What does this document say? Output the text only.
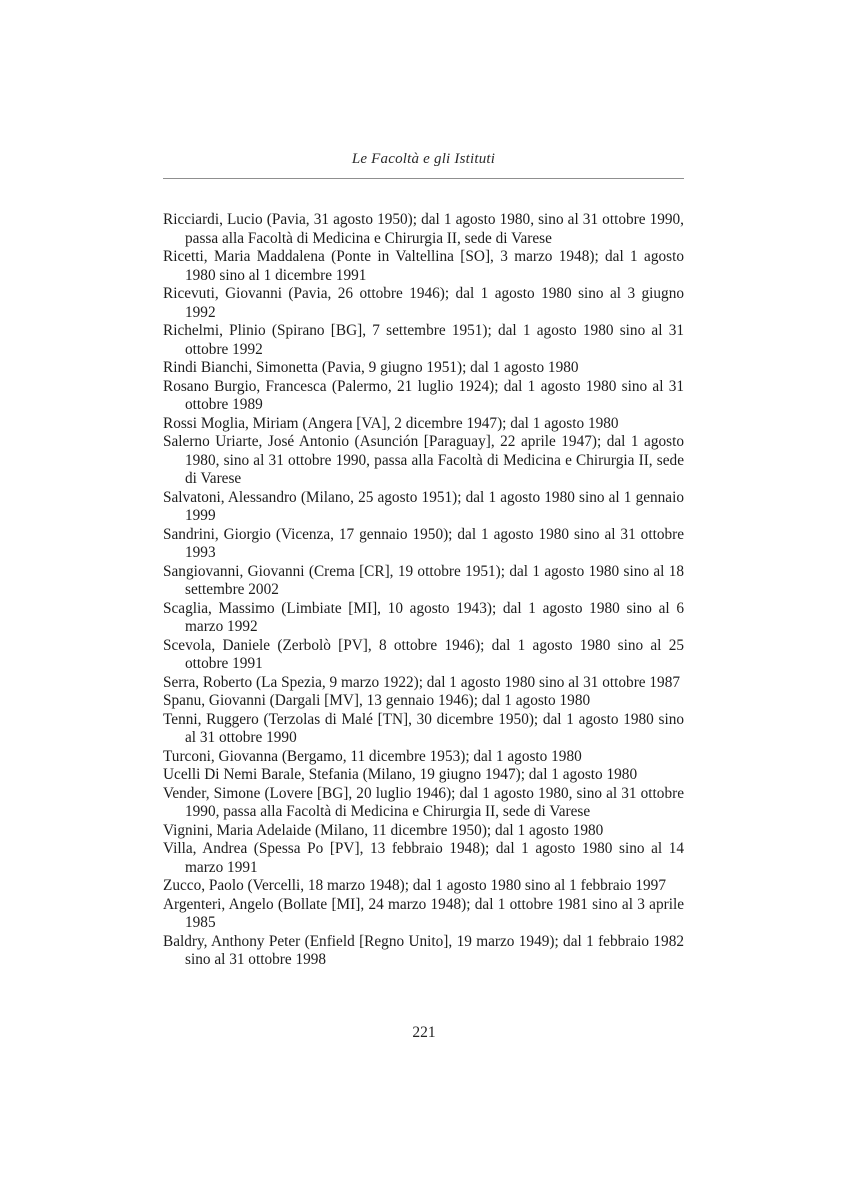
Le Facoltà e gli Istituti

Ricciardi, Lucio (Pavia, 31 agosto 1950); dal 1 agosto 1980, sino al 31 ottobre 1990, passa alla Facoltà di Medicina e Chirurgia II, sede di Varese

Ricetti, Maria Maddalena (Ponte in Valtellina [SO], 3 marzo 1948); dal 1 agosto 1980 sino al 1 dicembre 1991

Ricevuti, Giovanni (Pavia, 26 ottobre 1946); dal 1 agosto 1980 sino al 3 giugno 1992

Richelmi, Plinio (Spirano [BG], 7 settembre 1951); dal 1 agosto 1980 sino al 31 ottobre 1992

Rindi Bianchi, Simonetta (Pavia, 9 giugno 1951); dal 1 agosto 1980

Rosano Burgio, Francesca (Palermo, 21 luglio 1924); dal 1 agosto 1980 sino al 31 ottobre 1989

Rossi Moglia, Miriam (Angera [VA], 2 dicembre 1947); dal 1 agosto 1980

Salerno Uriarte, José Antonio (Asunción [Paraguay], 22 aprile 1947); dal 1 agosto 1980, sino al 31 ottobre 1990, passa alla Facoltà di Medicina e Chirurgia II, sede di Varese

Salvatoni, Alessandro (Milano, 25 agosto 1951); dal 1 agosto 1980 sino al 1 gennaio 1999

Sandrini, Giorgio (Vicenza, 17 gennaio 1950); dal 1 agosto 1980 sino al 31 ottobre 1993

Sangiovanni, Giovanni (Crema [CR], 19 ottobre 1951); dal 1 agosto 1980 sino al 18 settembre 2002

Scaglia, Massimo (Limbiate [MI], 10 agosto 1943); dal 1 agosto 1980 sino al 6 marzo 1992

Scevola, Daniele (Zerbolò [PV], 8 ottobre 1946); dal 1 agosto 1980 sino al 25 ottobre 1991

Serra, Roberto (La Spezia, 9 marzo 1922); dal 1 agosto 1980 sino al 31 ottobre 1987

Spanu, Giovanni (Dargali [MV], 13 gennaio 1946); dal 1 agosto 1980

Tenni, Ruggero (Terzolas di Malé [TN], 30 dicembre 1950); dal 1 agosto 1980 sino al 31 ottobre 1990

Turconi, Giovanna (Bergamo, 11 dicembre 1953); dal 1 agosto 1980

Ucelli Di Nemi Barale, Stefania (Milano, 19 giugno 1947); dal 1 agosto 1980

Vender, Simone (Lovere [BG], 20 luglio 1946); dal 1 agosto 1980, sino al 31 ottobre 1990, passa alla Facoltà di Medicina e Chirurgia II, sede di Varese

Vignini, Maria Adelaide (Milano, 11 dicembre 1950); dal 1 agosto 1980

Villa, Andrea (Spessa Po [PV], 13 febbraio 1948); dal 1 agosto 1980 sino al 14 marzo 1991

Zucco, Paolo (Vercelli, 18 marzo 1948); dal 1 agosto 1980 sino al 1 febbraio 1997

Argenteri, Angelo (Bollate [MI], 24 marzo 1948); dal 1 ottobre 1981 sino al 3 aprile 1985

Baldry, Anthony Peter (Enfield [Regno Unito], 19 marzo 1949); dal 1 febbraio 1982 sino al 31 ottobre 1998

221
